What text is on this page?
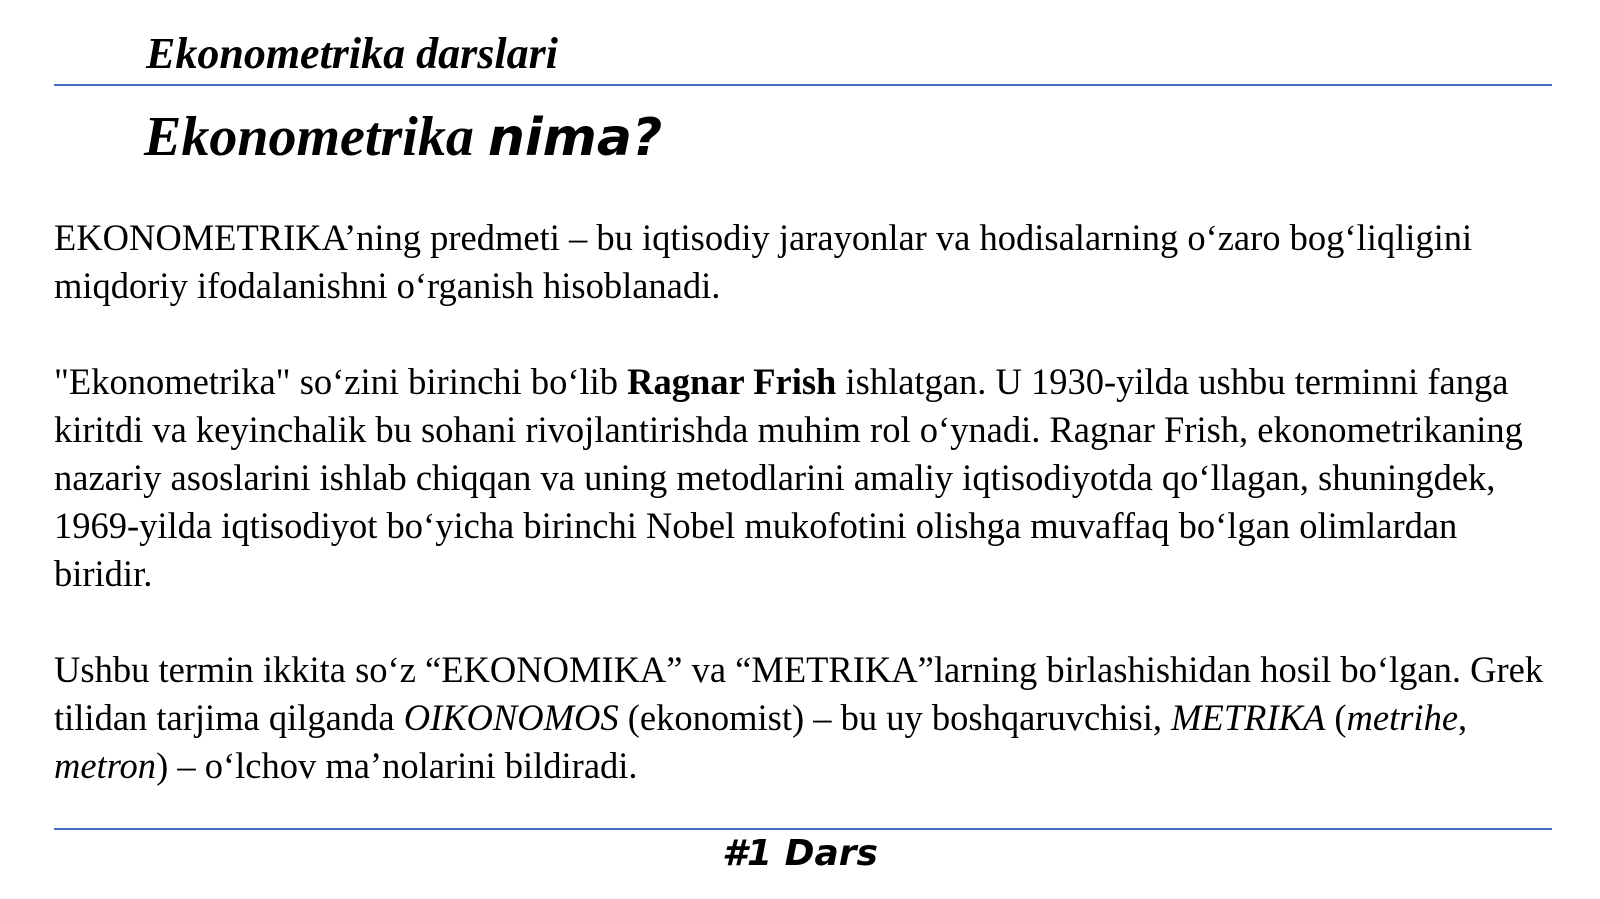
Ekonometrika darslari
Ekonometrika nima?

EKONOMETRIKA’ning predmeti – bu iqtisodiy jarayonlar va hodisalarning o‘zaro bog‘liqligini miqdoriy ifodalanishni o‘rganish hisoblanadi.

"Ekonometrika" so‘zini birinchi bo‘lib Ragnar Frish ishlatgan. U 1930-yilda ushbu terminni fanga kiritdi va keyinchalik bu sohani rivojlantirishda muhim rol o‘ynadi. Ragnar Frish, ekonometrikaning nazariy asoslarini ishlab chiqqan va uning metodlarini amaliy iqtisodiyotda qo‘llagan, shuningdek, 1969-yilda iqtisodiyot bo‘yicha birinchi Nobel mukofotini olishga muvaffaq bo‘lgan olimlardan biridir.

Ushbu termin ikkita so‘z “EKONOMIKA” va “METRIKA”larning birlashishidan hosil bo‘lgan. Grek tilidan tarjima qilganda OIKONOMOS (ekonomist) – bu uy boshqaruvchisi, METRIKA (metrihe, metron) – o‘lchov ma’nolarini bildiradi.

#1 Dars
